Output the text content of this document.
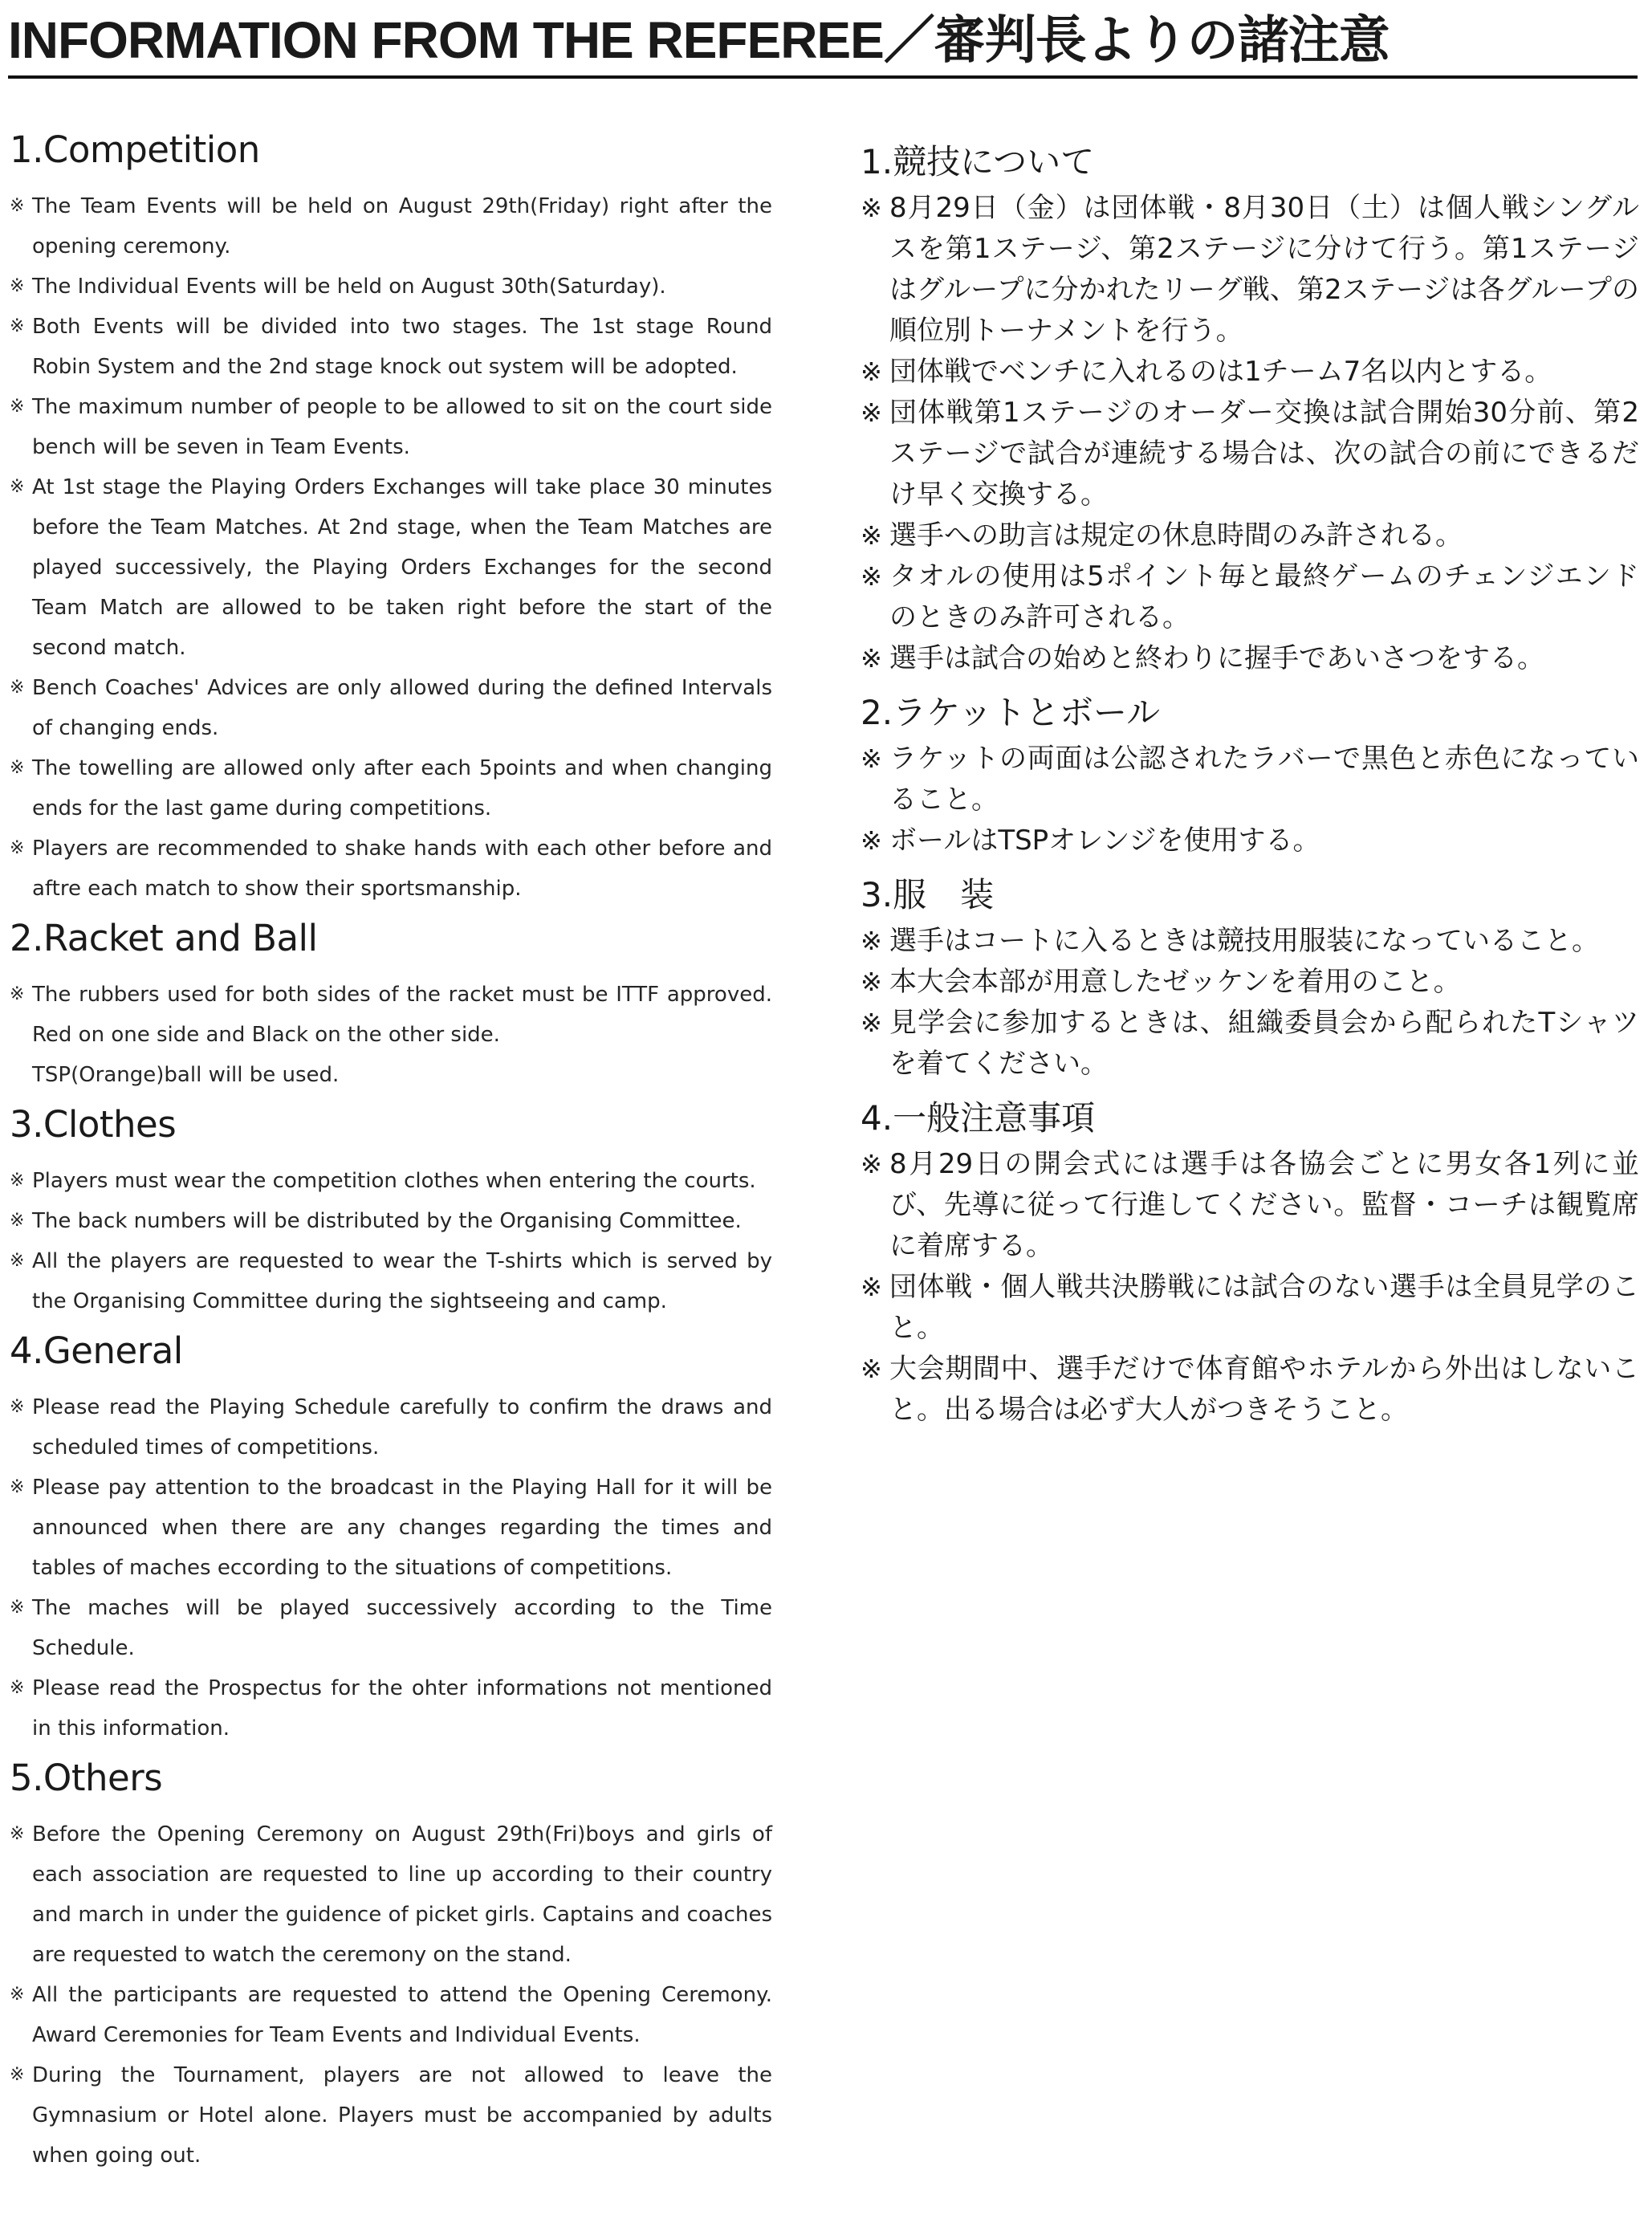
INFORMATION FROM THE REFEREE／審判長よりの諸注意
1.Competition
※ The Team Events will be held on August 29th(Friday) right after the opening ceremony.
※ The Individual Events will be held on August 30th(Saturday).
※ Both Events will be divided into two stages. The 1st stage Round Robin System and the 2nd stage knock out system will be adopted.
※ The maximum number of people to be allowed to sit on the court side bench will be seven in Team Events.
※ At 1st stage the Playing Orders Exchanges will take place 30 minutes before the Team Matches. At 2nd stage, when the Team Matches are played successively, the Playing Orders Exchanges for the second Team Match are allowed to be taken right before the start of the second match.
※ Bench Coaches' Advices are only allowed during the defined Intervals of changing ends.
※ The towelling are allowed only after each 5points and when changing ends for the last game during competitions.
※ Players are recommended to shake hands with each other before and aftre each match to show their sportsmanship.
2.Racket and Ball
※ The rubbers used for both sides of the racket must be ITTF approved. Red on one side and Black on the other side.
TSP(Orange)ball will be used.
3.Clothes
※ Players must wear the competition clothes when entering the courts.
※ The back numbers will be distributed by the Organising Committee.
※ All the players are requested to wear the T-shirts which is served by the Organising Committee during the sightseeing and camp.
4.General
※ Please read the Playing Schedule carefully to confirm the draws and scheduled times of competitions.
※ Please pay attention to the broadcast in the Playing Hall for it will be announced when there are any changes regarding the times and tables of maches eccording to the situations of competitions.
※ The maches will be played successively according to the Time Schedule.
※ Please read the Prospectus for the ohter informations not mentioned in this information.
5.Others
※ Before the Opening Ceremony on August 29th(Fri)boys and girls of each association are requested to line up according to their country and march in under the guidence of picket girls. Captains and coaches are requested to watch the ceremony on the stand.
※ All the participants are requested to attend the Opening Ceremony. Award Ceremonies for Team Events and Individual Events.
※ During the Tournament, players are not allowed to leave the Gymnasium or Hotel alone. Players must be accompanied by adults when going out.
1.競技について
※ 8月29日（金）は団体戦・8月30日（土）は個人戦シングルスを第1ステージ、第2ステージに分けて行う。第1ステージはグループに分かれたリーグ戦、第2ステージは各グループの順位別トーナメントを行う。
※ 団体戦でベンチに入れるのは1チーム7名以内とする。
※ 団体戦第1ステージのオーダー交換は試合開始30分前、第2ステージで試合が連続する場合は、次の試合の前にできるだけ早く交換する。
※ 選手への助言は規定の休息時間のみ許される。
※ タオルの使用は5ポイント毎と最終ゲームのチェンジエンドのときのみ許可される。
※ 選手は試合の始めと終わりに握手であいさつをする。
2.ラケットとボール
※ ラケットの両面は公認されたラバーで黒色と赤色になっていること。
※ ボールはTSPオレンジを使用する。
3.服　装
※ 選手はコートに入るときは競技用服装になっていること。
※ 本大会本部が用意したゼッケンを着用のこと。
※ 見学会に参加するときは、組織委員会から配られたTシャツを着てください。
4.一般注意事項
※ 8月29日の開会式には選手は各協会ごとに男女各1列に並び、先導に従って行進してください。監督・コーチは観覧席に着席する。
※ 団体戦・個人戦共決勝戦には試合のない選手は全員見学のこと。
※ 大会期間中、選手だけで体育館やホテルから外出はしないこと。出る場合は必ず大人がつきそうこと。
